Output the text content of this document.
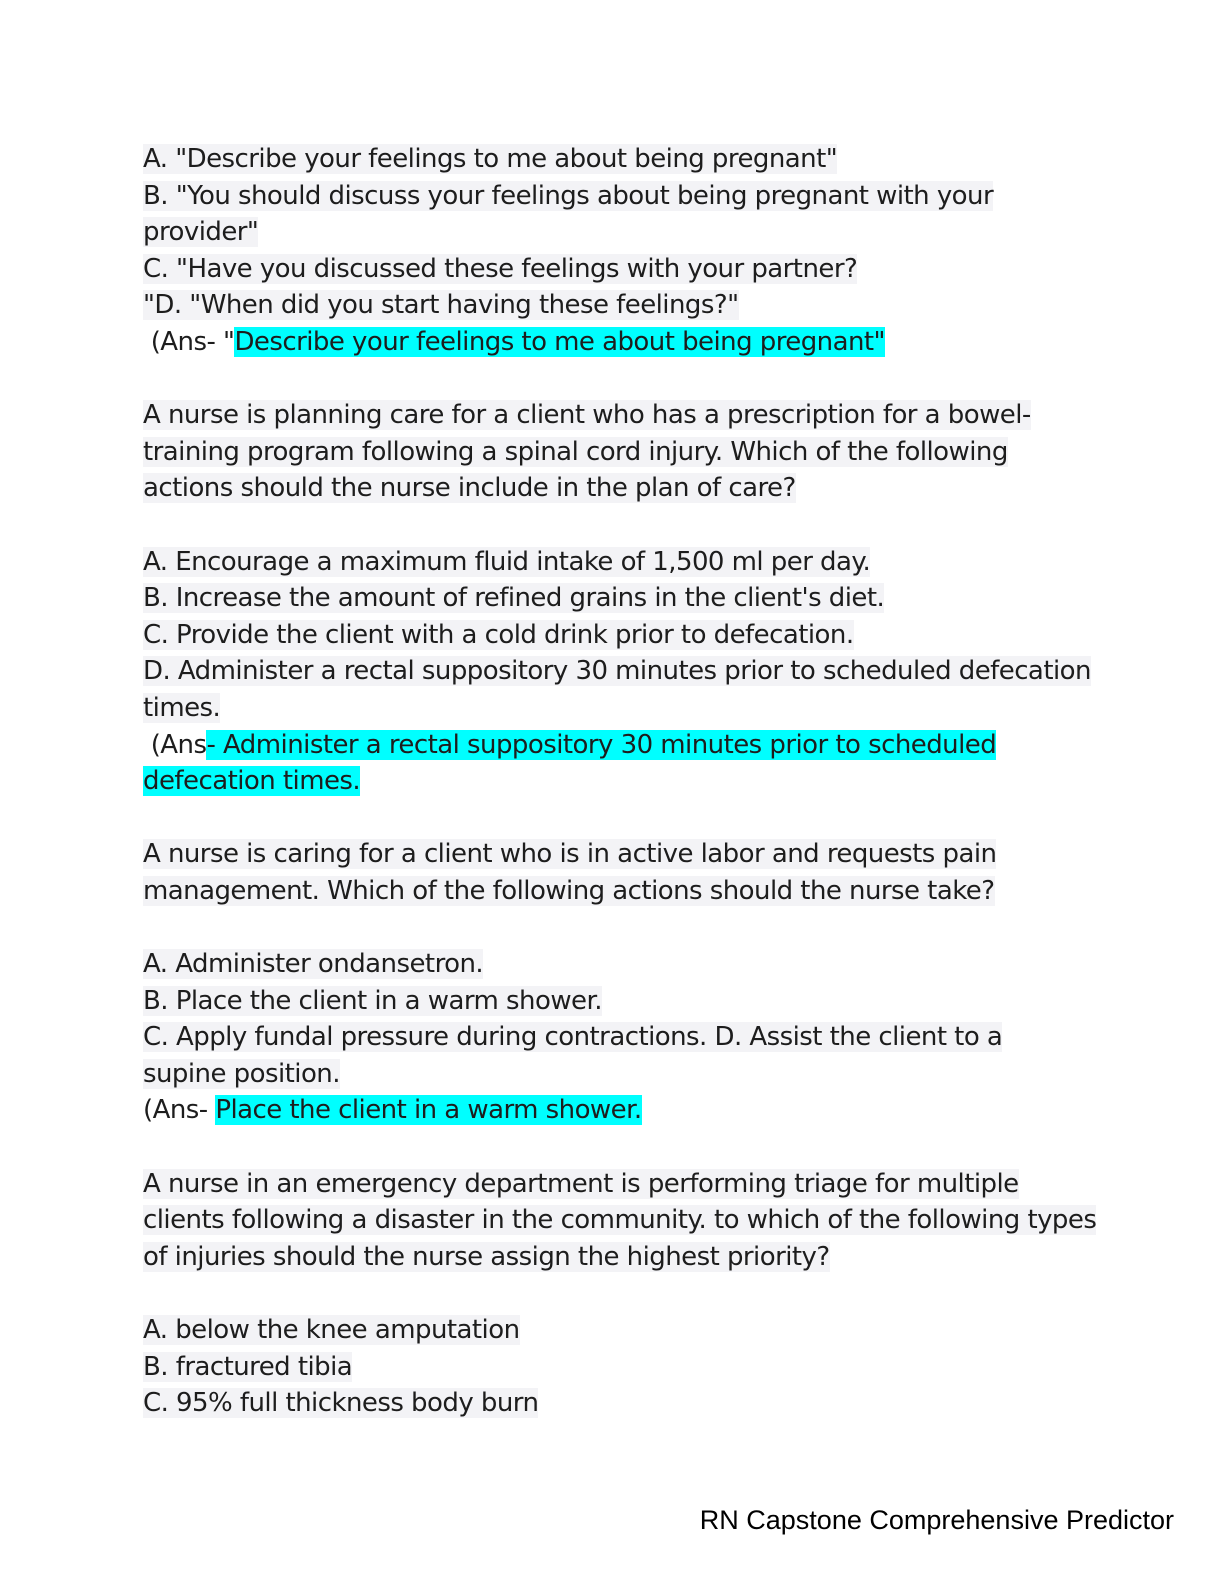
A. "Describe your feelings to me about being pregnant"
B. "You should discuss your feelings about being pregnant with your
provider"
C. "Have you discussed these feelings with your partner?
"D. "When did you start having these feelings?"
(Ans- "Describe your feelings to me about being pregnant"
A nurse is planning care for a client who has a prescription for a bowel-
training program following a spinal cord injury. Which of the following
actions should the nurse include in the plan of care?
A. Encourage a maximum fluid intake of 1,500 ml per day.
B. Increase the amount of refined grains in the client's diet.
C. Provide the client with a cold drink prior to defecation.
D. Administer a rectal suppository 30 minutes prior to scheduled defecation
times.
(Ans- Administer a rectal suppository 30 minutes prior to scheduled
defecation times.
A nurse is caring for a client who is in active labor and requests pain
management. Which of the following actions should the nurse take?
A. Administer ondansetron.
B. Place the client in a warm shower.
C. Apply fundal pressure during contractions. D. Assist the client to a
supine position.
(Ans- Place the client in a warm shower.
A nurse in an emergency department is performing triage for multiple
clients following a disaster in the community. to which of the following types
of injuries should the nurse assign the highest priority?
A. below the knee amputation
B. fractured tibia
C. 95% full thickness body burn
RN Capstone Comprehensive Predictor
